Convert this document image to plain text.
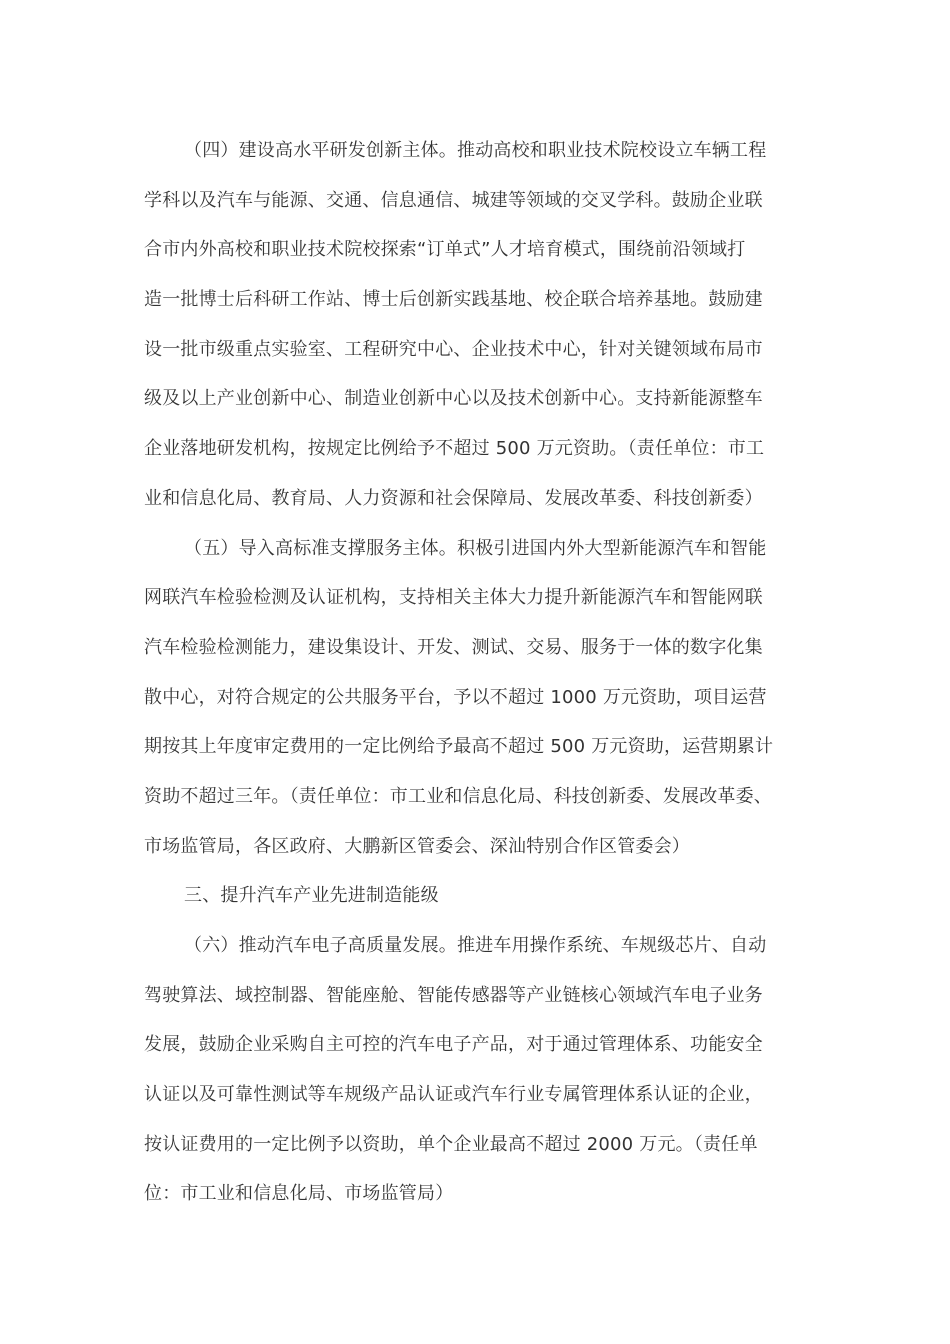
（四）建设高水平研发创新主体。推动高校和职业技术院校设立车辆工程
学科以及汽车与能源、交通、信息通信、城建等领域的交叉学科。鼓励企业联
合市内外高校和职业技术院校探索“订单式”人才培育模式，围绕前沿领域打
造一批博士后科研工作站、博士后创新实践基地、校企联合培养基地。鼓励建
设一批市级重点实验室、工程研究中心、企业技术中心，针对关键领域布局市
级及以上产业创新中心、制造业创新中心以及技术创新中心。支持新能源整车
企业落地研发机构，按规定比例给予不超过 500 万元资助。（责任单位：市工
业和信息化局、教育局、人力资源和社会保障局、发展改革委、科技创新委）
（五）导入高标准支撑服务主体。积极引进国内外大型新能源汽车和智能
网联汽车检验检测及认证机构，支持相关主体大力提升新能源汽车和智能网联
汽车检验检测能力，建设集设计、开发、测试、交易、服务于一体的数字化集
散中心，对符合规定的公共服务平台，予以不超过 1000 万元资助，项目运营
期按其上年度审定费用的一定比例给予最高不超过 500 万元资助，运营期累计
资助不超过三年。（责任单位：市工业和信息化局、科技创新委、发展改革委、
市场监管局，各区政府、大鹏新区管委会、深汕特别合作区管委会）
三、提升汽车产业先进制造能级
（六）推动汽车电子高质量发展。推进车用操作系统、车规级芯片、自动
驾驶算法、域控制器、智能座舱、智能传感器等产业链核心领域汽车电子业务
发展，鼓励企业采购自主可控的汽车电子产品，对于通过管理体系、功能安全
认证以及可靠性测试等车规级产品认证或汽车行业专属管理体系认证的企业，
按认证费用的一定比例予以资助，单个企业最高不超过 2000 万元。（责任单
位：市工业和信息化局、市场监管局）
